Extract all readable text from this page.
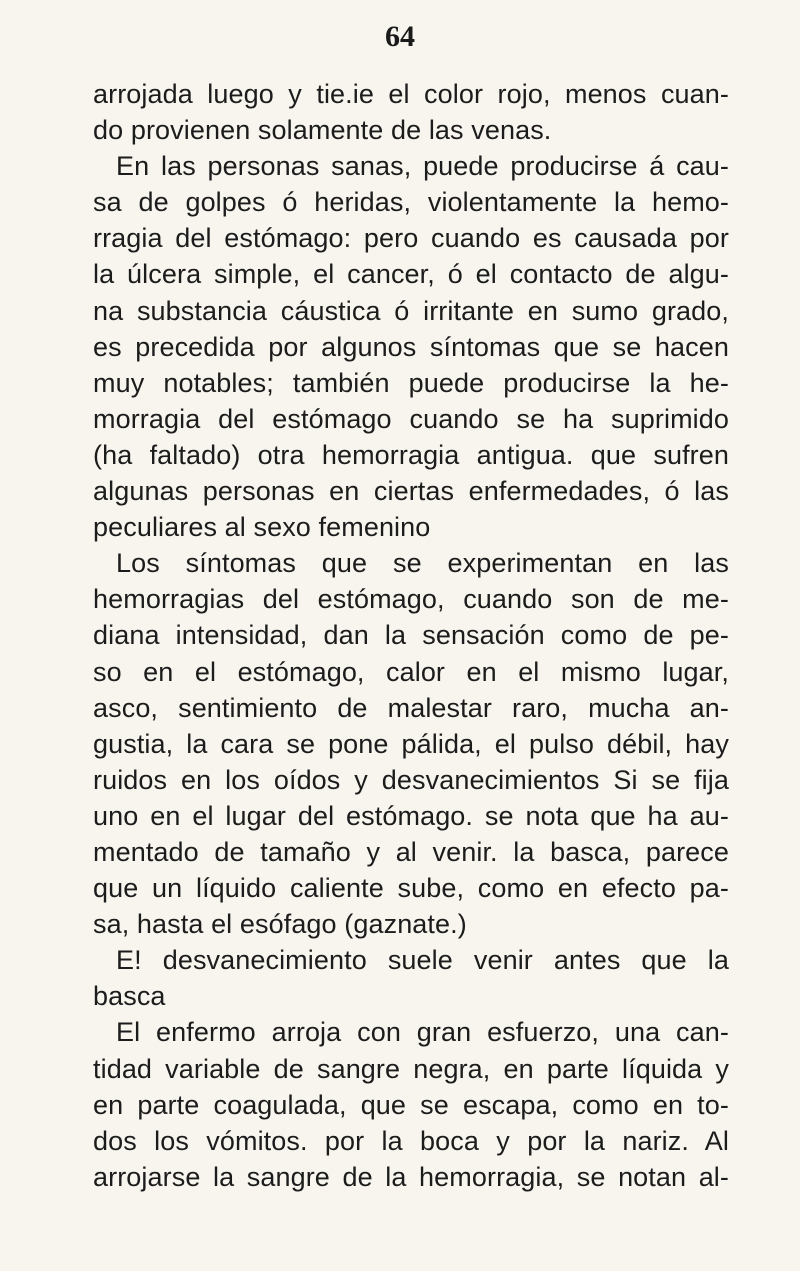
64
arrojada luego y tie.ie el color rojo, menos cuan-
do provienen solamente de las venas.
En las personas sanas, puede producirse á cau-
sa de golpes ó heridas, violentamente la hemo-
rragia del estómago: pero cuando es causada por
la úlcera simple, el cancer, ó el contacto de algu-
na substancia cáustica ó irritante en sumo grado,
es precedida por algunos síntomas que se hacen
muy notables; también puede producirse la he-
morragia del estómago cuando se ha suprimido
(ha faltado) otra hemorragia antigua. que sufren
algunas personas en ciertas enfermedades, ó las
peculiares al sexo femenino
Los síntomas que se experimentan en las
hemorragias del estómago, cuando son de me-
diana intensidad, dan la sensación como de pe-
so en el estómago, calor en el mismo lugar,
asco, sentimiento de malestar raro, mucha an-
gustia, la cara se pone pálida, el pulso débil, hay
ruidos en los oídos y desvanecimientos Si se fija
uno en el lugar del estómago. se nota que ha au-
mentado de tamaño y al venir. la basca, parece
que un líquido caliente sube, como en efecto pa-
sa, hasta el esófago (gaznate.)
E! desvanecimiento suele venir antes que la
basca
El enfermo arroja con gran esfuerzo, una can-
tidad variable de sangre negra, en parte líquida y
en parte coagulada, que se escapa, como en to-
dos los vómitos. por la boca y por la nariz. Al
arrojarse la sangre de la hemorragia, se notan al-
